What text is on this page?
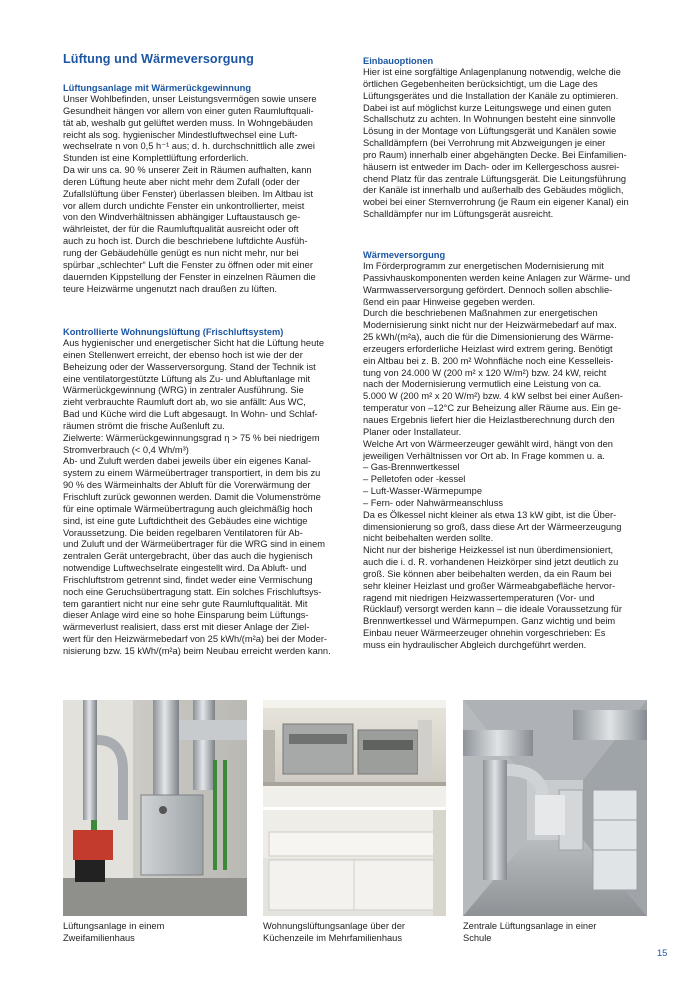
Lüftung und Wärmeversorgung
Lüftungsanlage mit Wärmerückgewinnung
Unser Wohlbefinden, unser Leistungsvermögen sowie unsere
Gesundheit hängen vor allem von einer guten Raumluftquali-
tät ab, weshalb gut gelüftet werden muss. In Wohngebäuden
reicht als sog. hygienischer Mindestluftwechsel eine Luft-
wechselrate n von 0,5 h⁻¹ aus; d. h. durchschnittlich alle zwei
Stunden ist eine Komplettlüftung erforderlich.
Da wir uns ca. 90 % unserer Zeit in Räumen aufhalten, kann
deren Lüftung heute aber nicht mehr dem Zufall (oder der
Zufallslüftung über Fenster) überlassen bleiben. Im Altbau ist
vor allem durch undichte Fenster ein unkontrollierter, meist
von den Windverhältnissen abhängiger Luftaustausch ge-
währleistet, der für die Raumluftqualität ausreicht oder oft
auch zu hoch ist. Durch die beschriebene luftdichte Ausfüh-
rung der Gebäudehülle genügt es nun nicht mehr, nur bei
spürbar „schlechter“ Luft die Fenster zu öffnen oder mit einer
dauernden Kippstellung der Fenster in einzelnen Räumen die
teure Heizwärme ungenutzt nach draußen zu lüften.
Kontrollierte Wohnungslüftung (Frischluftsystem)
Aus hygienischer und energetischer Sicht hat die Lüftung heute
einen Stellenwert erreicht, der ebenso hoch ist wie der der
Beheizung oder der Wasserversorgung. Stand der Technik ist
eine ventilatorgestützte Lüftung als Zu- und Abluftanlage mit
Wärmerückgewinnung (WRG) in zentraler Ausführung. Sie
zieht verbrauchte Raumluft dort ab, wo sie anfällt: Aus WC,
Bad und Küche wird die Luft abgesaugt. In Wohn- und Schlaf-
räumen strömt die frische Außenluft zu.
Zielwerte: Wärmerückgewinnungsgrad η > 75 % bei niedrigem
Stromverbrauch (< 0,4 Wh/m³)
Ab- und Zuluft werden dabei jeweils über ein eigenes Kanal-
system zu einem Wärmeübertrager transportiert, in dem bis zu
90 % des Wärmeinhalts der Abluft für die Vorerwärmung der
Frischluft zurück gewonnen werden. Damit die Volumenströme
für eine optimale Wärmeübertragung auch gleichmäßig hoch
sind, ist eine gute Luftdichtheit des Gebäudes eine wichtige
Voraussetzung. Die beiden regelbaren Ventilatoren für Ab-
und Zuluft und der Wärmeübertrager für die WRG sind in einem
zentralen Gerät untergebracht, über das auch die hygienisch
notwendige Luftwechselrate eingestellt wird. Da Abluft- und
Frischluftstrom getrennt sind, findet weder eine Vermischung
noch eine Geruchsübertragung statt. Ein solches Frischluftsys-
tem garantiert nicht nur eine sehr gute Raumluftqualität. Mit
dieser Anlage wird eine so hohe Einsparung beim Lüftungs-
wärmeverlust realisiert, dass erst mit dieser Anlage der Ziel-
wert für den Heizwärmebedarf von 25 kWh/(m²a) bei der Moder-
nisierung bzw. 15 kWh/(m²a) beim Neubau erreicht werden kann.
Einbauoptionen
Hier ist eine sorgfältige Anlagenplanung notwendig, welche die
örtlichen Gegebenheiten berücksichtigt, um die Lage des
Lüftungsgerätes und die Installation der Kanäle zu optimieren.
Dabei ist auf möglichst kurze Leitungswege und einen guten
Schallschutz zu achten. In Wohnungen besteht eine sinnvolle
Lösung in der Montage von Lüftungsgerät und Kanälen sowie
Schalldämpfern (bei Verrohrung mit Abzweigungen je einer
pro Raum) innerhalb einer abgehängten Decke. Bei Einfamilien-
häusern ist entweder im Dach- oder im Kellergeschoss ausrei-
chend Platz für das zentrale Lüftungsgerät. Die Leitungsführung
der Kanäle ist innerhalb und außerhalb des Gebäudes möglich,
wobei bei einer Sternverrohrung (je Raum ein eigener Kanal) ein
Schalldämpfer nur im Lüftungsgerät ausreicht.
Wärmeversorgung
Im Förderprogramm zur energetischen Modernisierung mit
Passivhauskomponenten werden keine Anlagen zur Wärme- und
Warmwasserversorgung gefördert. Dennoch sollen abschlie-
ßend ein paar Hinweise gegeben werden.
Durch die beschriebenen Maßnahmen zur energetischen
Modernisierung sinkt nicht nur der Heizwärmebedarf auf max.
25 kWh/(m²a), auch die für die Dimensionierung des Wärme-
erzeugers erforderliche Heizlast wird extrem gering. Benötigt
ein Altbau bei z. B. 200 m² Wohnfläche noch eine Kesselleis-
tung von 24.000 W (200 m² x 120 W/m²) bzw. 24 kW, reicht
nach der Modernisierung vermutlich eine Leistung von ca.
5.000 W (200 m² x 20 W/m²) bzw. 4 kW selbst bei einer Außen-
temperatur von –12°C zur Beheizung aller Räume aus. Ein ge-
naues Ergebnis liefert hier die Heizlastberechnung durch den
Planer oder Installateur.
Welche Art von Wärmeerzeuger gewählt wird, hängt von den
jeweiligen Verhältnissen vor Ort ab. In Frage kommen u. a.
– Gas-Brennwertkessel
– Pelletofen oder -kessel
– Luft-Wasser-Wärmepumpe
– Fern- oder Nahwärmeanschluss
Da es Ölkessel nicht kleiner als etwa 13 kW gibt, ist die Über-
dimensionierung so groß, dass diese Art der Wärmeerzeugung
nicht beibehalten werden sollte.
Nicht nur der bisherige Heizkessel ist nun überdimensioniert,
auch die i. d. R. vorhandenen Heizkörper sind jetzt deutlich zu
groß. Sie können aber beibehalten werden, da ein Raum bei
sehr kleiner Heizlast und großer Wärmeabgabefläche hervor-
ragend mit niedrigen Heizwassertemperaturen (Vor- und
Rücklauf) versorgt werden kann – die ideale Voraussetzung für
Brennwertkessel und Wärmepumpen. Ganz wichtig und beim
Einbau neuer Wärmeerzeuger ohnehin vorgeschrieben: Es
muss ein hydraulischer Abgleich durchgeführt werden.
Lüftungsanlage in einem
Zweifamilienhaus
Wohnungslüftungsanlage über der
Küchenzeile im Mehrfamilienhaus
Zentrale Lüftungsanlage in einer
Schule
15
